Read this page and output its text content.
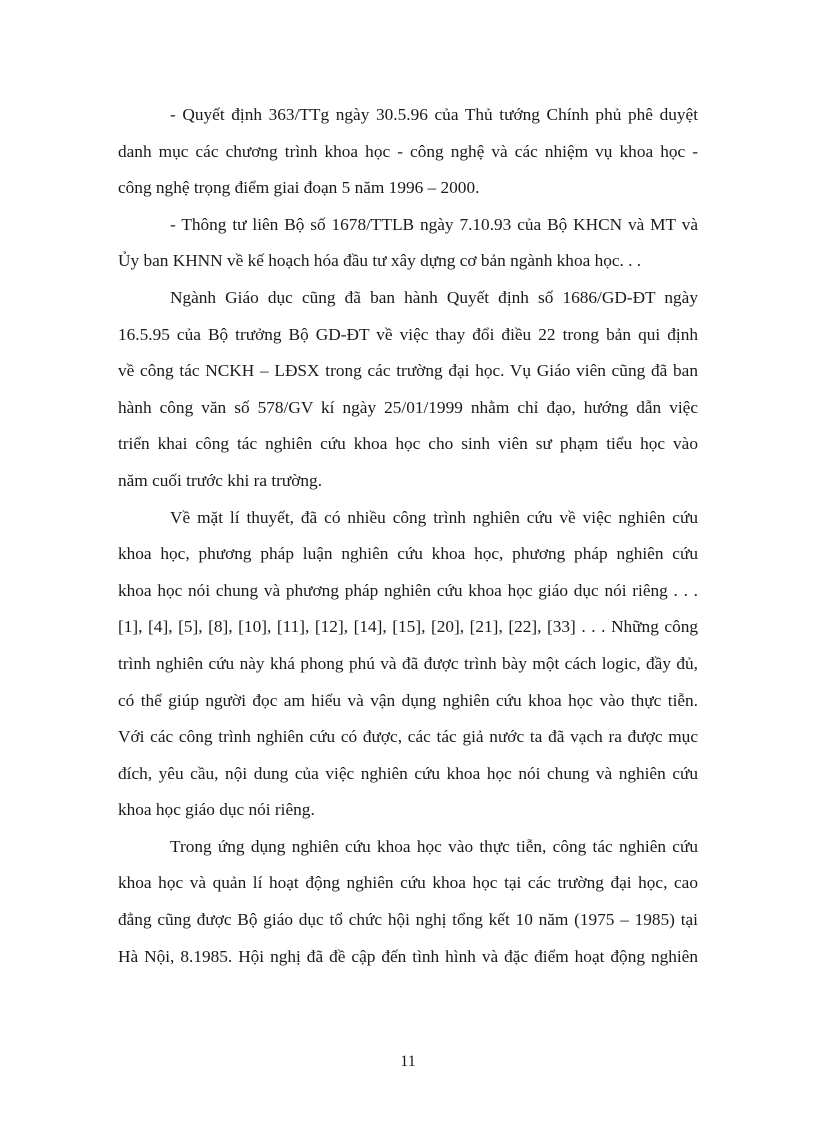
- Quyết định 363/TTg ngày 30.5.96 của Thủ tướng Chính phủ phê duyệt
danh mục các chương trình khoa học - công nghệ và các nhiệm vụ khoa học -
công nghệ trọng điểm giai đoạn 5 năm 1996 – 2000.
- Thông tư liên Bộ số 1678/TTLB ngày 7.10.93 của Bộ KHCN và MT và
Ủy ban KHNN về kế hoạch hóa đầu tư xây dựng cơ bản ngành khoa học. . .
Ngành Giáo dục cũng đã ban hành Quyết định số 1686/GD-ĐT ngày
16.5.95 của Bộ trưởng Bộ GD-ĐT về việc thay đổi điều 22 trong bản qui định
về công tác NCKH – LĐSX trong các trường đại học. Vụ Giáo viên cũng đã ban
hành công văn số 578/GV kí ngày 25/01/1999 nhằm chỉ đạo, hướng dẫn việc
triển khai công tác nghiên cứu khoa học cho sinh viên sư phạm tiểu học vào
năm cuối trước khi ra trường.
Về mặt lí thuyết, đã có nhiều công trình nghiên cứu về việc nghiên cứu
khoa học, phương pháp luận nghiên cứu khoa học, phương pháp nghiên cứu
khoa học nói chung và phương pháp nghiên cứu khoa học giáo dục nói riêng . . .
[1], [4], [5], [8], [10], [11], [12], [14], [15], [20], [21], [22], [33] . . . Những công
trình nghiên cứu này khá phong phú và đã được trình bày một cách logic, đầy đủ,
có thể giúp người đọc am hiểu và vận dụng nghiên cứu khoa học vào thực tiễn.
Với các công trình nghiên cứu có được, các tác giả nước ta đã vạch ra được mục
đích, yêu cầu, nội dung của việc nghiên cứu khoa học nói chung và nghiên cứu
khoa học giáo dục nói riêng.
Trong ứng dụng nghiên cứu khoa học vào thực tiễn, công tác nghiên cứu
khoa học và quản lí hoạt động nghiên cứu khoa học tại các trường đại học, cao
đẳng cũng được Bộ giáo dục tổ chức hội nghị tổng kết 10 năm (1975 – 1985) tại
Hà Nội, 8.1985. Hội nghị đã đề cập đến tình hình và đặc điểm hoạt động nghiên
11
